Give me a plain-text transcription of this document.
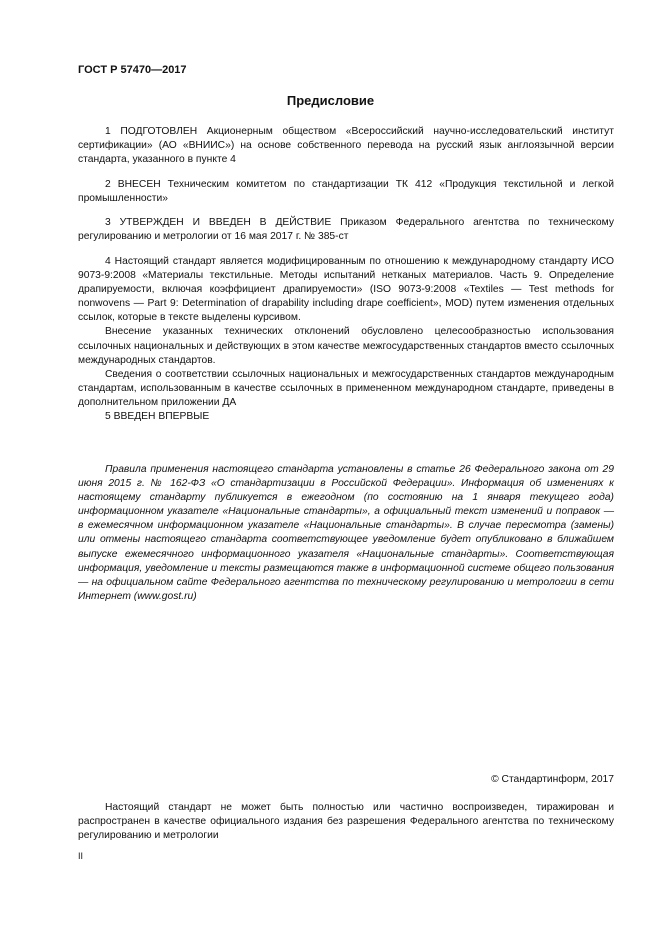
ГОСТ Р 57470—2017
Предисловие

1 ПОДГОТОВЛЕН Акционерным обществом «Всероссийский научно-исследовательский институт сертификации» (АО «ВНИИС») на основе собственного перевода на русский язык англоязычной версии стандарта, указанного в пункте 4

2 ВНЕСЕН Техническим комитетом по стандартизации ТК 412 «Продукция текстильной и легкой промышленности»

3 УТВЕРЖДЕН И ВВЕДЕН В ДЕЙСТВИЕ Приказом Федерального агентства по техническому регулированию и метрологии от 16 мая 2017 г. № 385-ст

4 Настоящий стандарт является модифицированным по отношению к международному стандарту ИСО 9073-9:2008 «Материалы текстильные. Методы испытаний нетканых материалов. Часть 9. Определение драпируемости, включая коэффициент драпируемости» (ISO 9073-9:2008 «Textiles — Test methods for nonwovens — Part 9: Determination of drapability including drape coefficient», MOD) путем изменения отдельных ссылок, которые в тексте выделены курсивом.

Внесение указанных технических отклонений обусловлено целесообразностью использования ссылочных национальных и действующих в этом качестве межгосударственных стандартов вместо ссылочных международных стандартов.

Сведения о соответствии ссылочных национальных и межгосударственных стандартов международным стандартам, использованным в качестве ссылочных в примененном международном стандарте, приведены в дополнительном приложении ДА

5 ВВЕДЕН ВПЕРВЫЕ

Правила применения настоящего стандарта установлены в статье 26 Федерального закона от 29 июня 2015 г. № 162-ФЗ «О стандартизации в Российской Федерации». Информация об изменениях к настоящему стандарту публикуется в ежегодном (по состоянию на 1 января текущего года) информационном указателе «Национальные стандарты», а официальный текст изменений и поправок — в ежемесячном информационном указателе «Национальные стандарты». В случае пересмотра (замены) или отмены настоящего стандарта соответствующее уведомление будет опубликовано в ближайшем выпуске ежемесячного информационного указателя «Национальные стандарты». Соответствующая информация, уведомление и тексты размещаются также в информационной системе общего пользования — на официальном сайте Федерального агентства по техническому регулированию и метрологии в сети Интернет (www.gost.ru)

© Стандартинформ, 2017

Настоящий стандарт не может быть полностью или частично воспроизведен, тиражирован и распространен в качестве официального издания без разрешения Федерального агентства по техническому регулированию и метрологии

II
